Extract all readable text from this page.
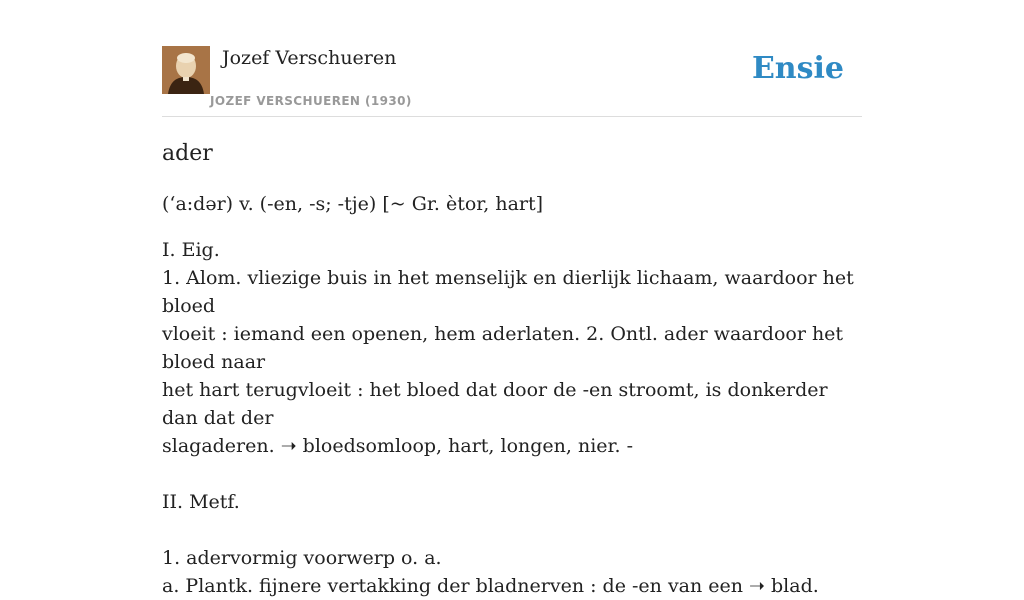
Jozef Verschueren
JOZEF VERSCHUEREN (1930)
Ensie
ader

(ʻa:dər) v. (-en, -s; -tje) [~ Gr. ètor, hart]

I. Eig.

1. Alom. vliezige buis in het menselijk en dierlijk lichaam, waardoor het bloed

vloeit : iemand een openen, hem aderlaten. 2. Ontl. ader waardoor het bloed naar

het hart terugvloeit : het bloed dat door de -en stroomt, is donkerder dan dat der

slagaderen. ➝ bloedsomloop, hart, longen, nier. -

II. Metf.

1. adervormig voorwerp o. a.

a. Plantk. fijnere vertakking der bladnerven : de -en van een ➝ blad.
